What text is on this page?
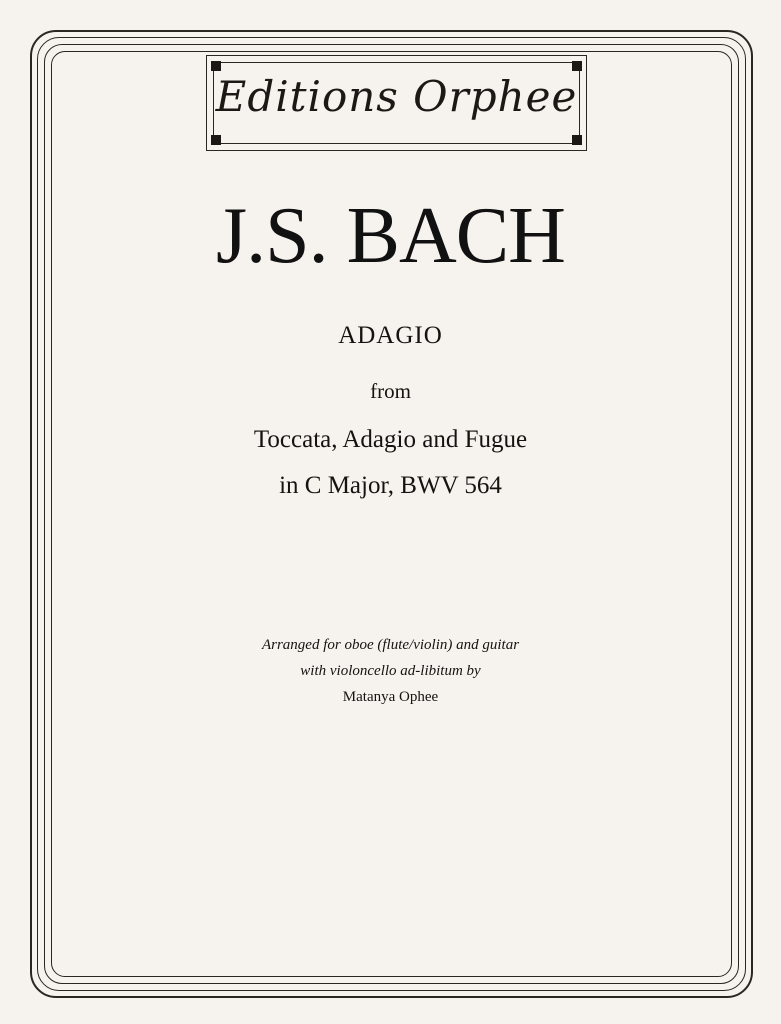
Editions Orphee
J.S. BACH
ADAGIO
from
Toccata, Adagio and Fugue
in C Major, BWV 564
Arranged for oboe (flute/violin) and guitar
with violoncello ad-libitum by
Matanya Ophee
